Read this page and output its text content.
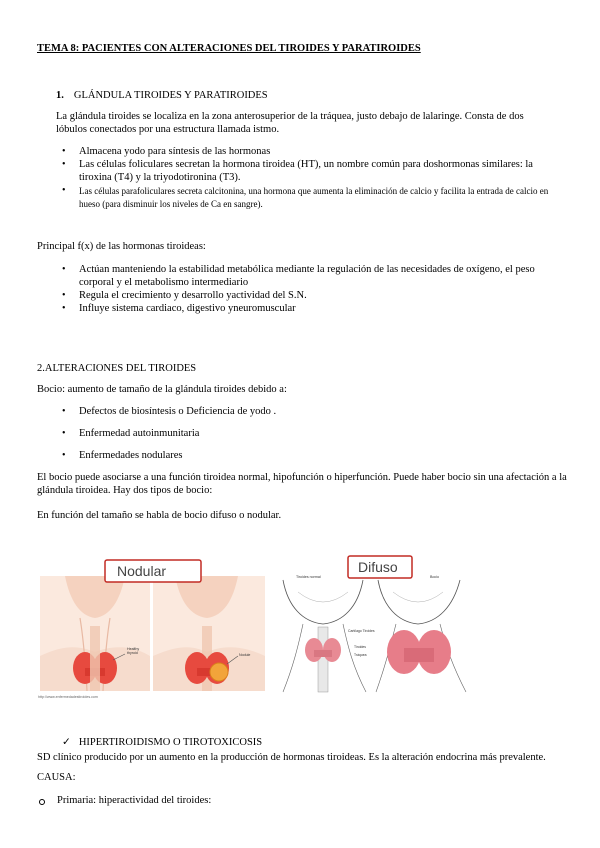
TEMA 8: PACIENTES CON ALTERACIONES DEL TIROIDES Y PARATIROIDES
1. GLÁNDULA TIROIDES Y PARATIROIDES

La glándula tiroides se localiza en la zona anterosuperior de la tráquea, justo debajo de lalaringe. Consta de dos lóbulos conectados por una estructura llamada istmo.

• Almacena yodo para síntesis de las hormonas
• Las células foliculares secretan la hormona tiroidea (HT), un nombre común para doshormonas similares: la tiroxina (T4) y la triyodotironina (T3).
• Las células parafoliculares secreta calcitonina, una hormona que aumenta la eliminación de calcio y facilita la entrada de calcio en hueso (para disminuir los niveles de Ca en sangre).

Principal f(x) de las hormonas tiroideas:

• Actúan manteniendo la estabilidad metabólica mediante la regulación de las necesidades de oxígeno, el peso corporal y el metabolismo intermediario
• Regula el crecimiento y desarrollo yactividad del S.N.
• Influye sistema cardiaco, digestivo yneuromuscular

2.ALTERACIONES DEL TIROIDES

Bocio: aumento de tamaño de la glándula tiroides debido a:

• Defectos de biosíntesis o Deficiencia de yodo .
• Enfermedad autoinmunitaria
• Enfermedades nodulares

El bocio puede asociarse a una función tiroidea normal, hipofunción o hiperfunción. Puede haber bocio sin una afectación a la glándula tiroidea. Hay dos tipos de bocio:

En función del tamaño se habla de bocio difuso o nodular.

Nodular
Healthy
thyroid	Nodule
http://www.enfermedadestiroides.com
Tiroides normal
Cartílago Tiroides
Tiroides
Tráquea
Bocio
Difuso
✓ HIPERTIROIDISMO O TIROTOXICOSIS

SD clínico producido por un aumento en la producción de hormonas tiroideas. Es la alteración endocrina más prevalente.

CAUSA:

Primaria: hiperactividad del tiroides:
